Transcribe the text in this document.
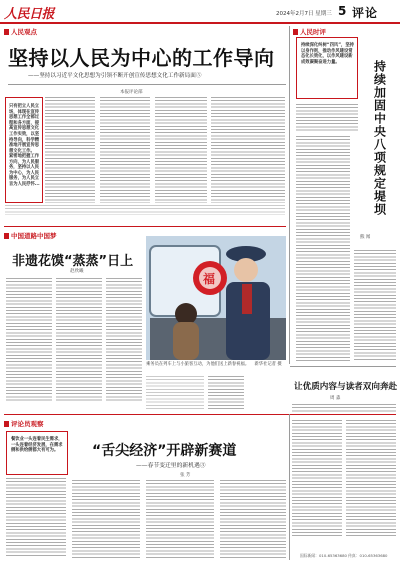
人民日报	2024年2月7日 星期三 5 评论
人民观点
坚持以人民为中心的工作导向
——坚持以习近平文化思想为引领不断开创宣传思想文化工作新局面⑤
本报评论部
只有把立人民立场，体现在宣传思想工作全部过程和各方面，提高宣传思想文化工作实效，以坚持导向，科学精准地开展宣传思想文化工作。
紧密地把握工作方向，为人民服务，坚持以人民为中心，为人民服务，为人民立言为人民抒怀...
人民时评
持续深化纠树“四风”，坚持以身作则，推动作风建设常态化长效化，以作风建设新成效凝聚奋进力量。	持续加固中央八项规定堤坝
熊 闻
中国道路中国梦
非遗花馍“蒸蒸”日上
赵欣曦
福
乘务员在列车上与小旅客互动，为他们送上新春祝福。 新华社记者 摄
让优质内容与读者双向奔赴
周 淼
评论员观察
餐饮业一头连着民生需求，一头连着经济发展，在需求侧和供给侧都大有可为。	“舌尖经济”开辟新赛道
——春节变迁里的新机遇③
张 芳
国际新闻：010-65363680 传真：010-65363680
